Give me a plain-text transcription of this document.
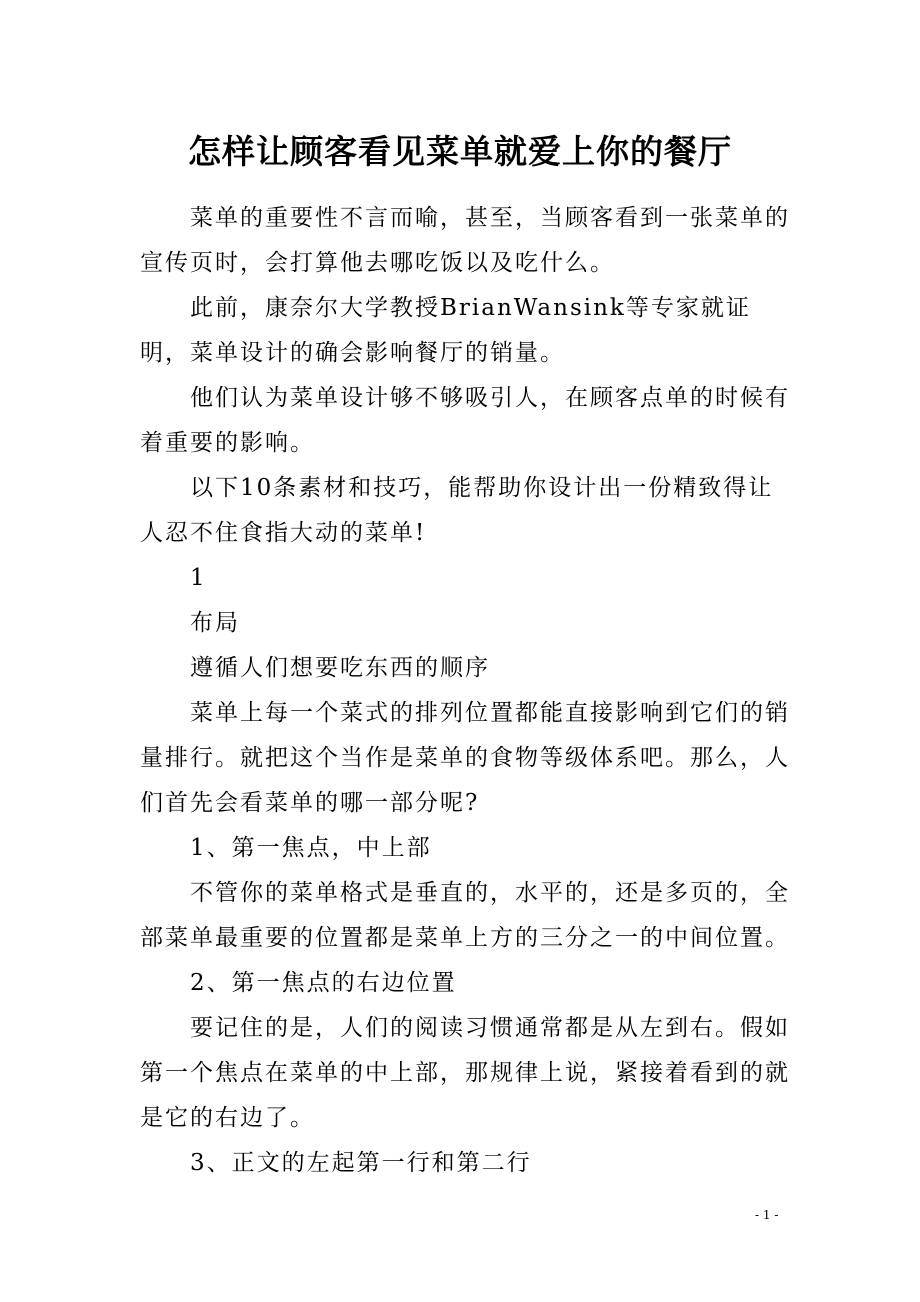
怎样让顾客看见菜单就爱上你的餐厅

菜单的重要性不言而喻，甚至，当顾客看到一张菜单的宣传页时，会打算他去哪吃饭以及吃什么。

此前，康奈尔大学教授BrianWansink等专家就证明，菜单设计的确会影响餐厅的销量。

他们认为菜单设计够不够吸引人，在顾客点单的时候有着重要的影响。

以下10条素材和技巧，能帮助你设计出一份精致得让人忍不住食指大动的菜单!

1

布局

遵循人们想要吃东西的顺序

菜单上每一个菜式的排列位置都能直接影响到它们的销量排行。就把这个当作是菜单的食物等级体系吧。那么，人们首先会看菜单的哪一部分呢?

1、第一焦点，中上部

不管你的菜单格式是垂直的，水平的，还是多页的，全部菜单最重要的位置都是菜单上方的三分之一的中间位置。

2、第一焦点的右边位置

要记住的是，人们的阅读习惯通常都是从左到右。假如第一个焦点在菜单的中上部，那规律上说，紧接着看到的就是它的右边了。

3、正文的左起第一行和第二行

- 1 -
